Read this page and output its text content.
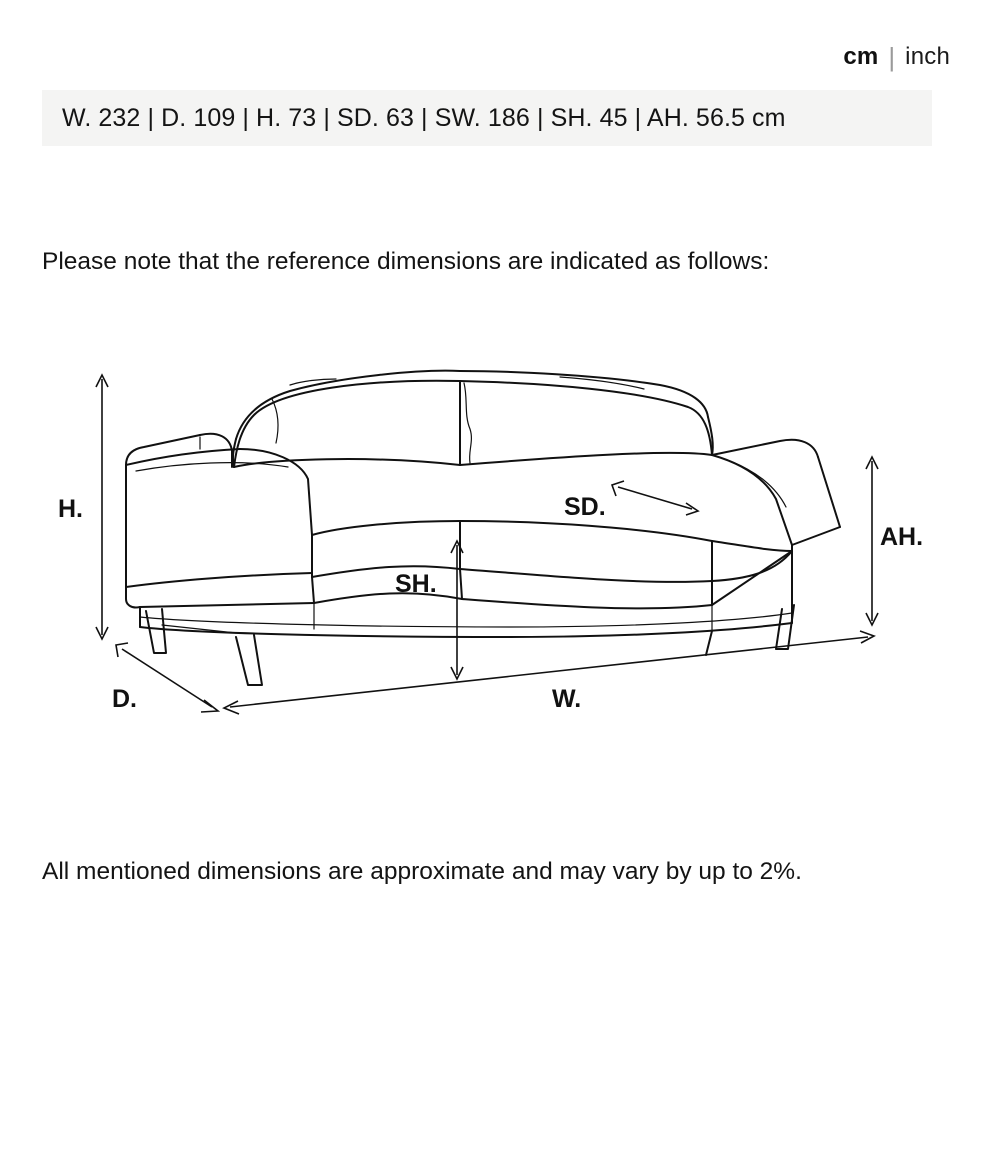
cm | inch
W. 232 | D. 109 | H. 73 | SD. 63 | SW. 186 | SH. 45 | AH. 56.5 cm

Please note that the reference dimensions are indicated as follows:

H.	SD.
AH.
SH.
D.	W.

All mentioned dimensions are approximate and may vary by up to 2%.
